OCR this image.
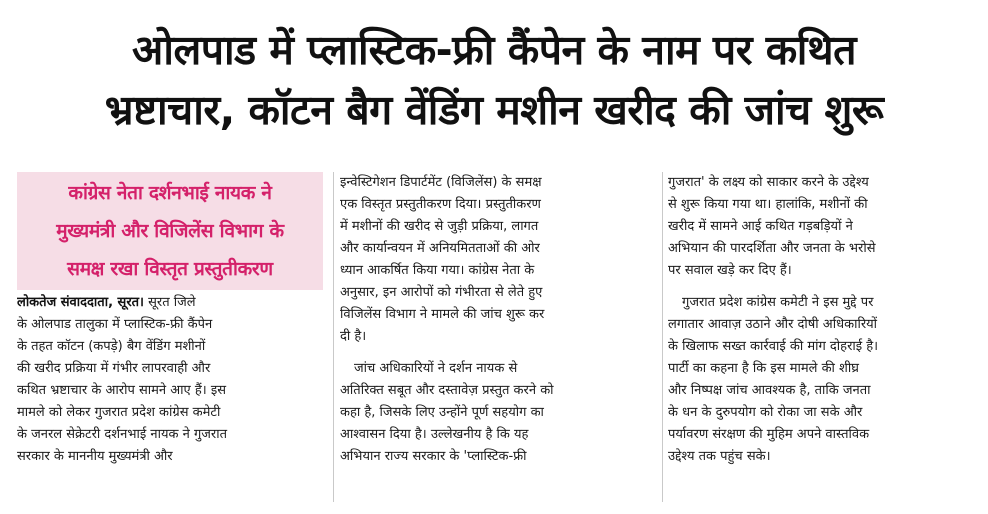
ओलपाड में प्लास्टिक-फ्री कैंपेन के नाम पर कथित
भ्रष्टाचार, कॉटन बैग वेंडिंग मशीन खरीद की जांच शुरू
कांग्रेस नेता दर्शनभाई नायक ने
मुख्यमंत्री और विजिलेंस विभाग के
समक्ष रखा विस्तृत प्रस्तुतीकरण
लोकतेज संवाददाता, सूरत। सूरत जिले
के ओलपाड तालुका में प्लास्टिक-फ्री कैंपेन
के तहत कॉटन (कपड़े) बैग वेंडिंग मशीनों
की खरीद प्रक्रिया में गंभीर लापरवाही और
कथित भ्रष्टाचार के आरोप सामने आए हैं। इस
मामले को लेकर गुजरात प्रदेश कांग्रेस कमेटी
के जनरल सेक्रेटरी दर्शनभाई नायक ने गुजरात
सरकार के माननीय मुख्यमंत्री और
इन्वेस्टिगेशन डिपार्टमेंट (विजिलेंस) के समक्ष
एक विस्तृत प्रस्तुतीकरण दिया। प्रस्तुतीकरण
में मशीनों की खरीद से जुड़ी प्रक्रिया, लागत
और कार्यान्वयन में अनियमितताओं की ओर
ध्यान आकर्षित किया गया। कांग्रेस नेता के
अनुसार, इन आरोपों को गंभीरता से लेते हुए
विजिलेंस विभाग ने मामले की जांच शुरू कर
दी है।
जांच अधिकारियों ने दर्शन नायक से
अतिरिक्त सबूत और दस्तावेज़ प्रस्तुत करने को
कहा है, जिसके लिए उन्होंने पूर्ण सहयोग का
आश्वासन दिया है। उल्लेखनीय है कि यह
अभियान राज्य सरकार के 'प्लास्टिक-फ्री
गुजरात' के लक्ष्य को साकार करने के उद्देश्य
से शुरू किया गया था। हालांकि, मशीनों की
खरीद में सामने आई कथित गड़बड़ियों ने
अभियान की पारदर्शिता और जनता के भरोसे
पर सवाल खड़े कर दिए हैं।
गुजरात प्रदेश कांग्रेस कमेटी ने इस मुद्दे पर
लगातार आवाज़ उठाने और दोषी अधिकारियों
के खिलाफ सख्त कार्रवाई की मांग दोहराई है।
पार्टी का कहना है कि इस मामले की शीघ्र
और निष्पक्ष जांच आवश्यक है, ताकि जनता
के धन के दुरुपयोग को रोका जा सके और
पर्यावरण संरक्षण की मुहिम अपने वास्तविक
उद्देश्य तक पहुंच सके।
